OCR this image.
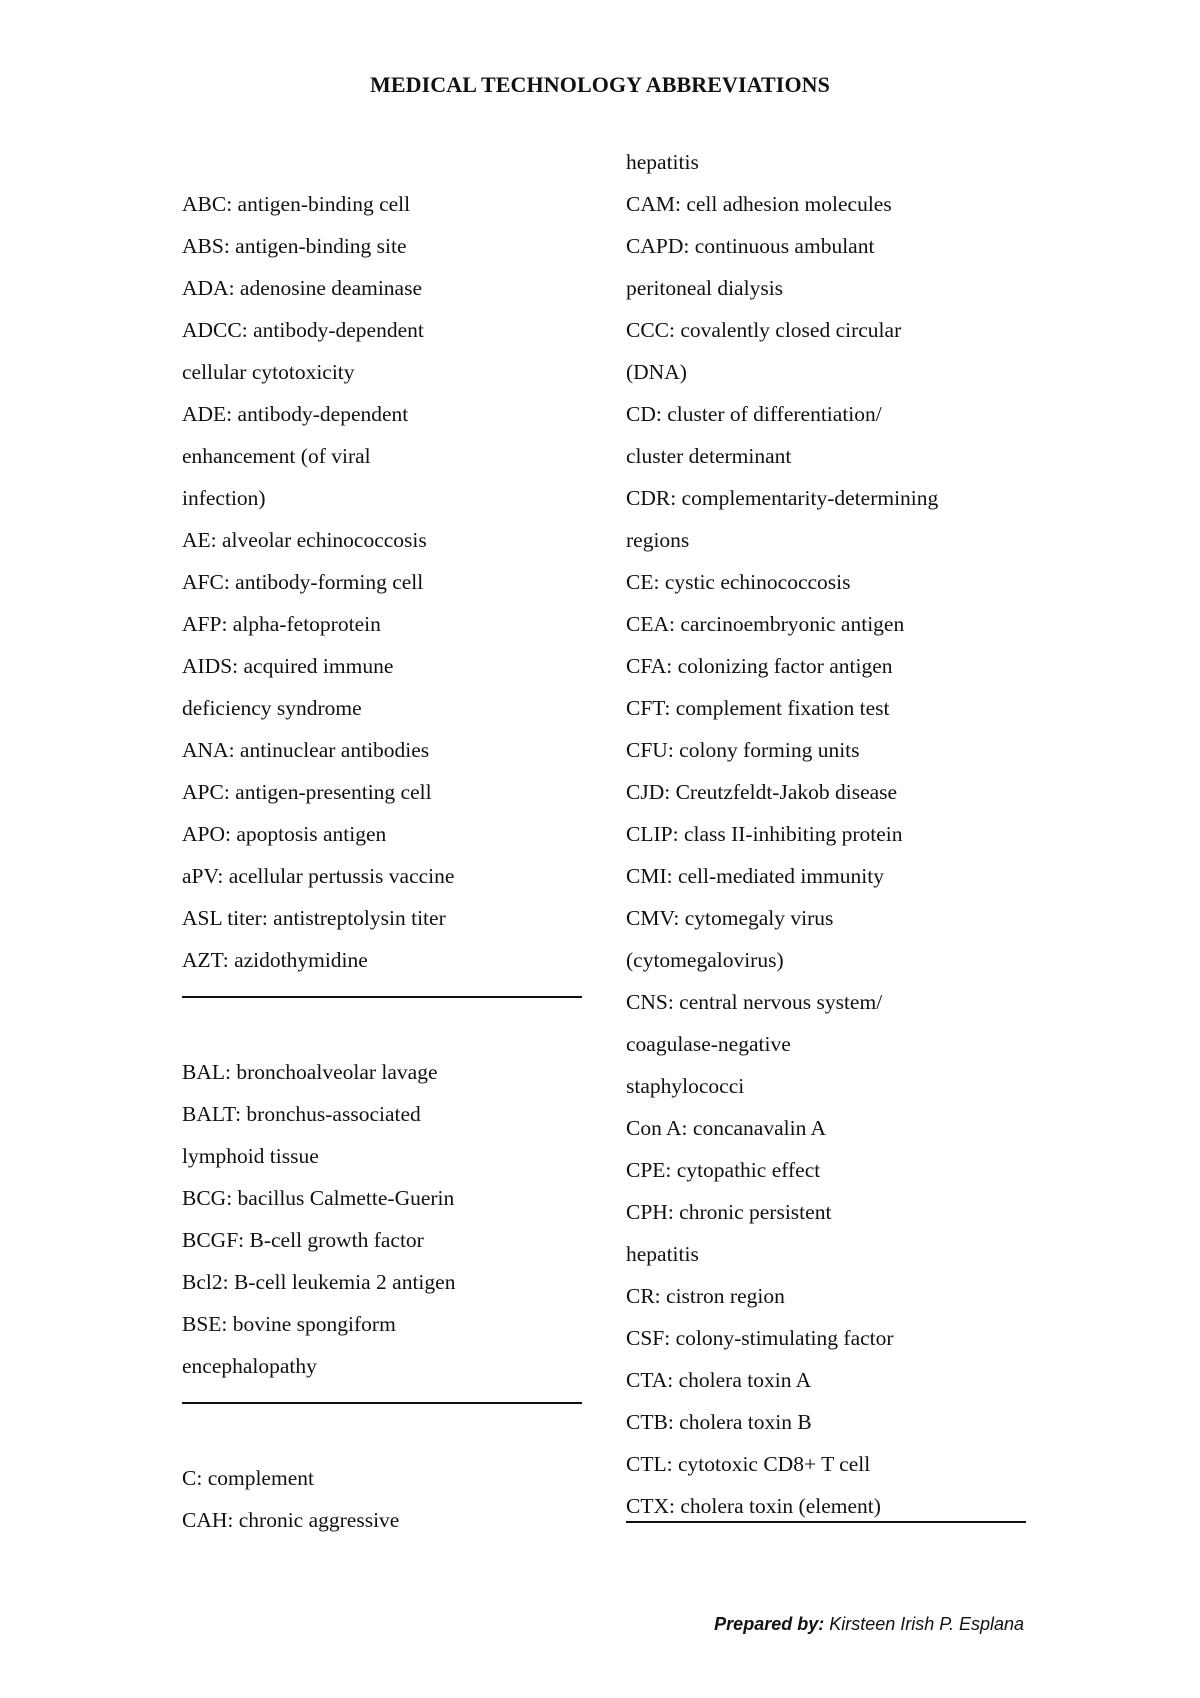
MEDICAL TECHNOLOGY ABBREVIATIONS
ABC: antigen-binding cell
ABS: antigen-binding site
ADA: adenosine deaminase
ADCC: antibody-dependent
cellular cytotoxicity
ADE: antibody-dependent
enhancement (of viral
infection)
AE: alveolar echinococcosis
AFC: antibody-forming cell
AFP: alpha-fetoprotein
AIDS: acquired immune
deficiency syndrome
ANA: antinuclear antibodies
APC: antigen-presenting cell
APO: apoptosis antigen
aPV: acellular pertussis vaccine
ASL titer: antistreptolysin titer
AZT: azidothymidine
BAL: bronchoalveolar lavage
BALT: bronchus-associated
lymphoid tissue
BCG: bacillus Calmette-Guerin
BCGF: B-cell growth factor
Bcl2: B-cell leukemia 2 antigen
BSE: bovine spongiform
encephalopathy
C: complement
CAH: chronic aggressive
hepatitis
CAM: cell adhesion molecules
CAPD: continuous ambulant
peritoneal dialysis
CCC: covalently closed circular
(DNA)
CD: cluster of differentiation/
cluster determinant
CDR: complementarity-determining
regions
CE: cystic echinococcosis
CEA: carcinoembryonic antigen
CFA: colonizing factor antigen
CFT: complement fixation test
CFU: colony forming units
CJD: Creutzfeldt-Jakob disease
CLIP: class II-inhibiting protein
CMI: cell-mediated immunity
CMV: cytomegaly virus
(cytomegalovirus)
CNS: central nervous system/
coagulase-negative
staphylococci
Con A: concanavalin A
CPE: cytopathic effect
CPH: chronic persistent
hepatitis
CR: cistron region
CSF: colony-stimulating factor
CTA: cholera toxin A
CTB: cholera toxin B
CTL: cytotoxic CD8+ T cell
CTX: cholera toxin (element)
Prepared by: Kirsteen Irish P. Esplana
